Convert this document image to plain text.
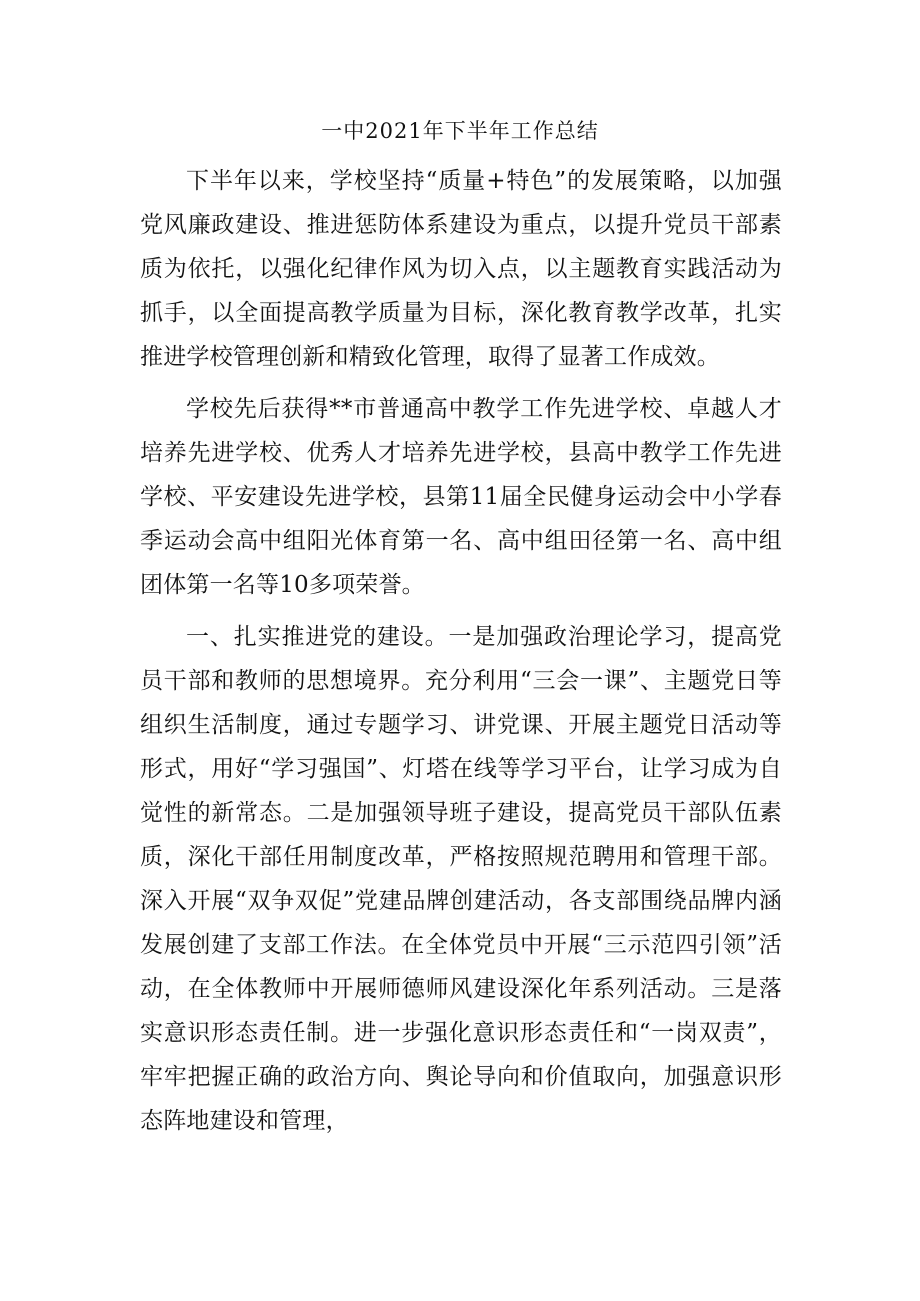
一中2021年下半年工作总结

下半年以来，学校坚持“质量+特色”的发展策略，以加强党风廉政建设、推进惩防体系建设为重点，以提升党员干部素质为依托，以强化纪律作风为切入点，以主题教育实践活动为抓手，以全面提高教学质量为目标，深化教育教学改革，扎实推进学校管理创新和精致化管理，取得了显著工作成效。

学校先后获得**市普通高中教学工作先进学校、卓越人才培养先进学校、优秀人才培养先进学校，县高中教学工作先进学校、平安建设先进学校，县第11届全民健身运动会中小学春季运动会高中组阳光体育第一名、高中组田径第一名、高中组团体第一名等10多项荣誉。

一、扎实推进党的建设。一是加强政治理论学习，提高党员干部和教师的思想境界。充分利用“三会一课”、主题党日等组织生活制度，通过专题学习、讲党课、开展主题党日活动等形式，用好“学习强国”、灯塔在线等学习平台，让学习成为自觉性的新常态。二是加强领导班子建设，提高党员干部队伍素质，深化干部任用制度改革，严格按照规范聘用和管理干部。深入开展“双争双促”党建品牌创建活动，各支部围绕品牌内涵发展创建了支部工作法。在全体党员中开展“三示范四引领”活动，在全体教师中开展师德师风建设深化年系列活动。三是落实意识形态责任制。进一步强化意识形态责任和“一岗双责”，牢牢把握正确的政治方向、舆论导向和价值取向，加强意识形态阵地建设和管理，
